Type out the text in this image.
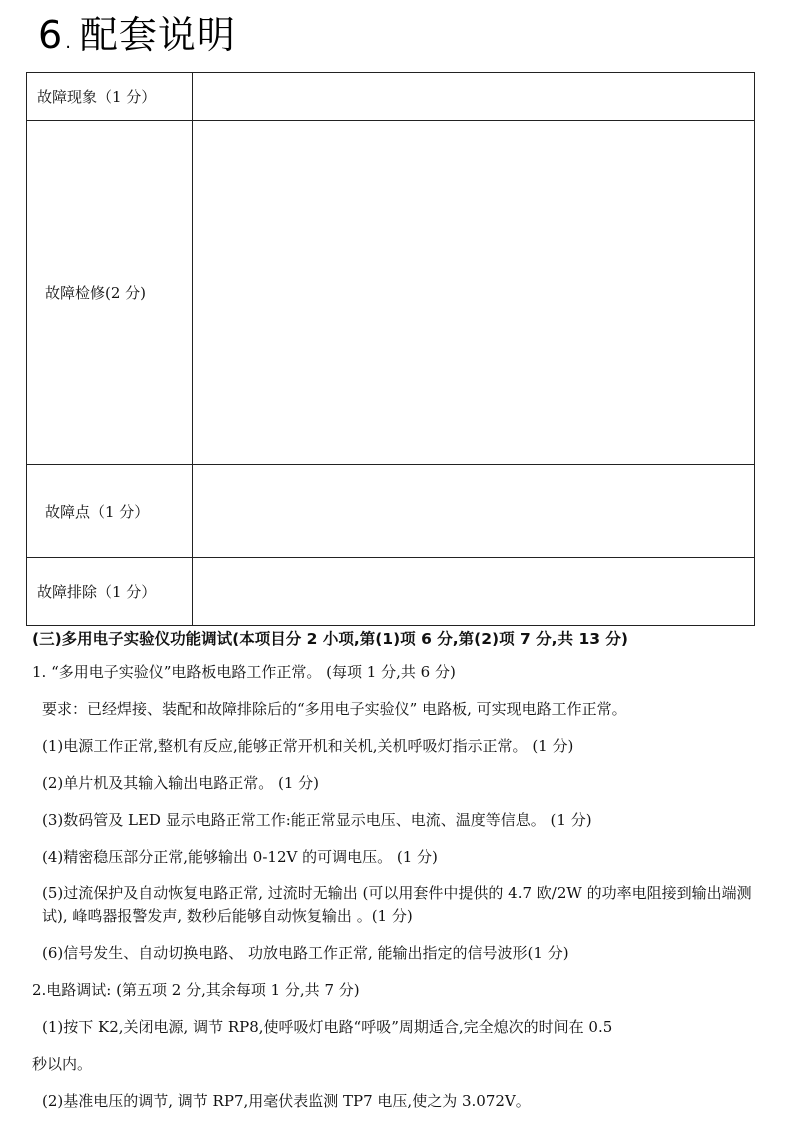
6 . 配套说明
故障现象（1 分）	
故障检修(2 分)	
故障点（1 分）	
故障排除（1 分）	
(三)多用电子实验仪功能调试(本项目分 2 小项,第(1)项 6 分,第(2)项 7 分,共 13 分)
1. “多用电子实验仪”电路板电路工作正常。 (每项 1 分,共 6 分)
要求：已经焊接、装配和故障排除后的“多用电子实验仪” 电路板, 可实现电路工作正常。
(1)电源工作正常,整机有反应,能够正常开机和关机,关机呼吸灯指示正常。 (1 分)
(2)单片机及其输入输出电路正常。 (1 分)
(3)数码管及 LED 显示电路正常工作:能正常显示电压、电流、温度等信息。 (1 分)
(4)精密稳压部分正常,能够输出 0-12V 的可调电压。 (1 分)
(5)过流保护及自动恢复电路正常, 过流时无输出 (可以用套件中提供的 4.7 欧/2W 的功率电阻接到输出端测试), 峰鸣器报警发声, 数秒后能够自动恢复输出 。(1 分)
(6)信号发生、自动切换电路、 功放电路工作正常, 能输出指定的信号波形(1 分)
2.电路调试: (第五项 2 分,其余每项 1 分,共 7 分)
(1)按下 K2,关闭电源, 调节 RP8,使呼吸灯电路“呼吸”周期适合,完全熄次的时间在 0.5
秒以内。
(2)基准电压的调节, 调节 RP7,用毫伏表监测 TP7 电压,使之为 3.072V。
